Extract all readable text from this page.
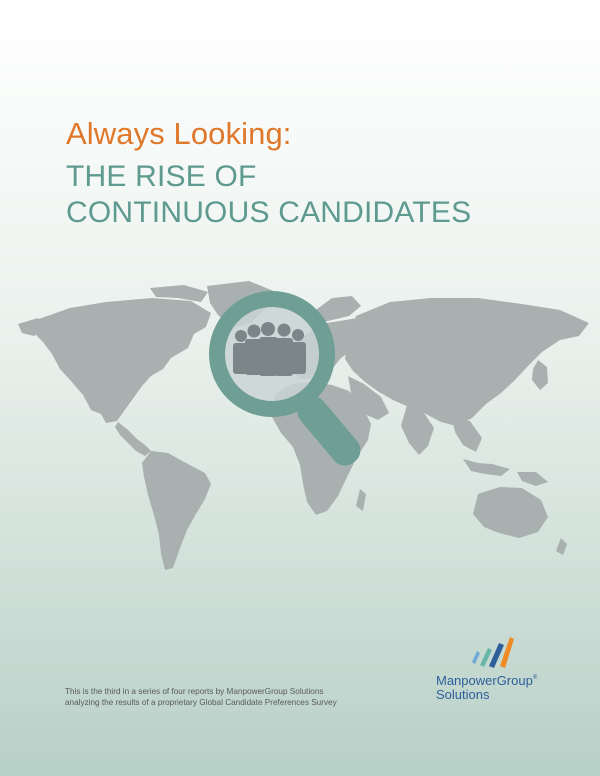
Always Looking:
THE RISE OF
CONTINUOUS CANDIDATES
This is the third in a series of four reports by ManpowerGroup Solutions
analyzing the results of a proprietary Global Candidate Preferences Survey
ManpowerGroup®
Solutions
